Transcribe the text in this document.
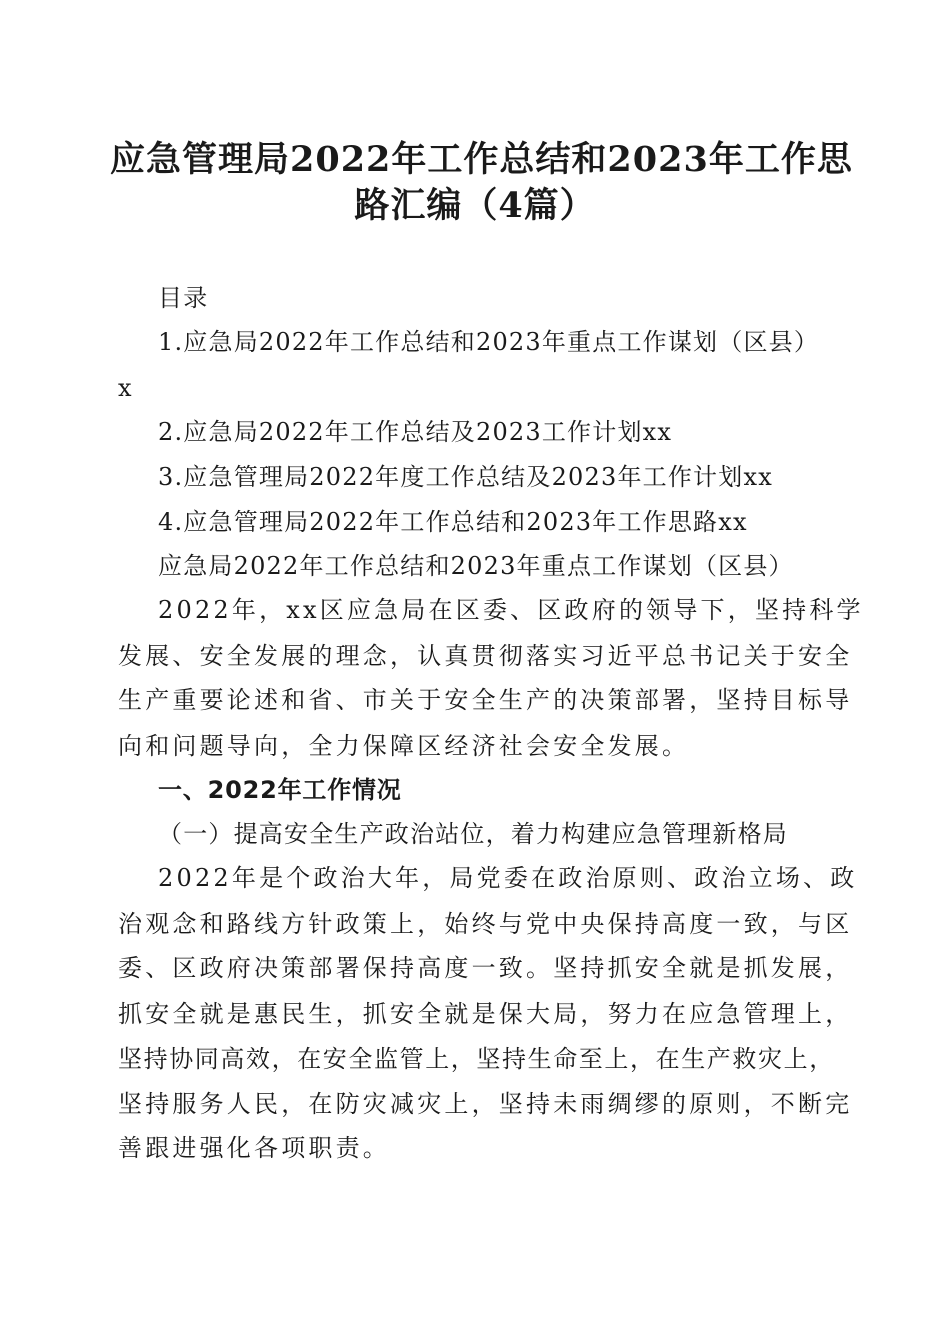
应急管理局2022年工作总结和2023年工作思
路汇编（4篇）
目录
1.应急局2022年工作总结和2023年重点工作谋划（区县）
x
2.应急局2022年工作总结及2023工作计划xx
3.应急管理局2022年度工作总结及2023年工作计划xx
4.应急管理局2022年工作总结和2023年工作思路xx
应急局2022年工作总结和2023年重点工作谋划（区县）
2022年，xx区应急局在区委、区政府的领导下，坚持科学
发展、安全发展的理念，认真贯彻落实习近平总书记关于安全
生产重要论述和省、市关于安全生产的决策部署，坚持目标导
向和问题导向，全力保障区经济社会安全发展。
一、2022年工作情况
（一）提高安全生产政治站位，着力构建应急管理新格局
2022年是个政治大年，局党委在政治原则、政治立场、政
治观念和路线方针政策上，始终与党中央保持高度一致，与区
委、区政府决策部署保持高度一致。坚持抓安全就是抓发展，
抓安全就是惠民生，抓安全就是保大局，努力在应急管理上，
坚持协同高效，在安全监管上，坚持生命至上，在生产救灾上，
坚持服务人民，在防灾减灾上，坚持未雨绸缪的原则，不断完
善跟进强化各项职责。
